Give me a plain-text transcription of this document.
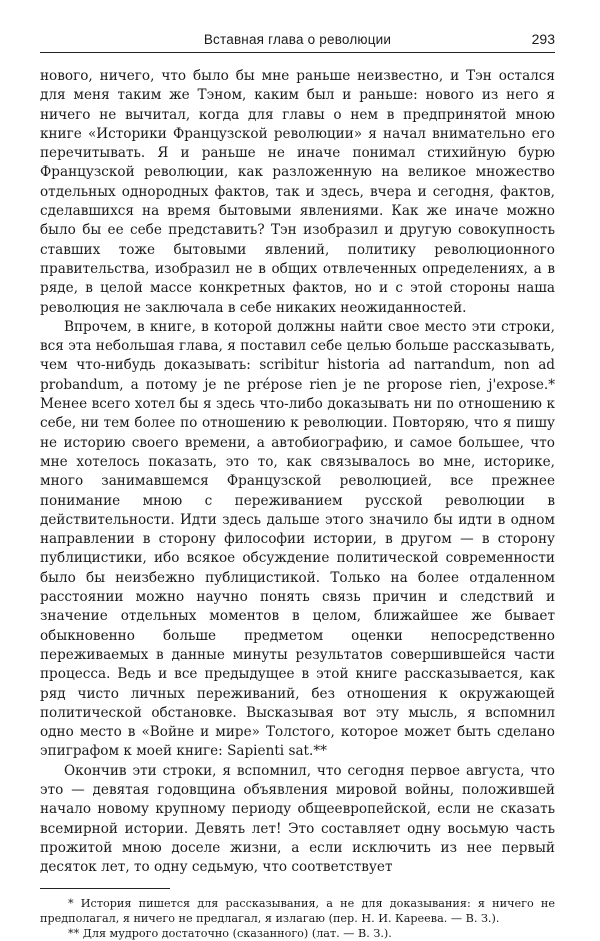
Вставная глава о революции	293

нового, ничего, что было бы мне раньше неизвестно, и Тэн остался для меня таким же Тэном, каким был и раньше: нового из него я ничего не вычитал, когда для главы о нем в предпринятой мною книге «Историки Французской революции» я начал внимательно его перечитывать. Я и раньше не иначе понимал стихийную бурю Французской революции, как разложенную на великое множество отдельных однородных фактов, так и здесь, вчера и сегодня, фактов, сделавшихся на время бытовыми явлениями. Как же иначе можно было бы ее себе представить? Тэн изобразил и другую совокупность ставших тоже бытовыми явлений, политику революционного правительства, изобразил не в общих отвлеченных определениях, а в ряде, в целой массе конкретных фактов, но и с этой стороны наша революция не заключала в себе никаких неожиданностей.

Впрочем, в книге, в которой должны найти свое место эти строки, вся эта небольшая глава, я поставил себе целью больше рассказывать, чем что-нибудь доказывать: scribitur historia ad narrandum, non ad probandum, а потому je ne prépose rien je ne propose rien, j'expose.* Менее всего хотел бы я здесь что-либо доказывать ни по отношению к себе, ни тем более по отношению к революции. Повторяю, что я пишу не историю своего времени, а автобиографию, и самое большее, что мне хотелось показать, это то, как связывалось во мне, историке, много занимавшемся Французской революцией, все прежнее понимание мною с переживанием русской революции в действительности. Идти здесь дальше этого значило бы идти в одном направлении в сторону философии истории, в другом — в сторону публицистики, ибо всякое обсуждение политической современности было бы неизбежно публицистикой. Только на более отдаленном расстоянии можно научно понять связь причин и следствий и значение отдельных моментов в целом, ближайшее же бывает обыкновенно больше предметом оценки непосредственно переживаемых в данные минуты результатов совершившейся части процесса. Ведь и все предыдущее в этой книге рассказывается, как ряд чисто личных переживаний, без отношения к окружающей политической обстановке. Высказывая вот эту мысль, я вспомнил одно место в «Войне и мире» Толстого, которое может быть сделано эпиграфом к моей книге: Sapienti sat.**

Окончив эти строки, я вспомнил, что сегодня первое августа, что это — девятая годовщина объявления мировой войны, положившей начало новому крупному периоду общеевропейской, если не сказать всемирной истории. Девять лет! Это составляет одну восьмую часть прожитой мною доселе жизни, а если исключить из нее первый десяток лет, то одну седьмую, что соответствует

* История пишется для рассказывания, а не для доказывания: я ничего не предполагал, я ничего не предлагал, я излагаю (пер. Н. И. Кареева. — В. З.).

** Для мудрого достаточно (сказанного) (лат. — В. З.).
